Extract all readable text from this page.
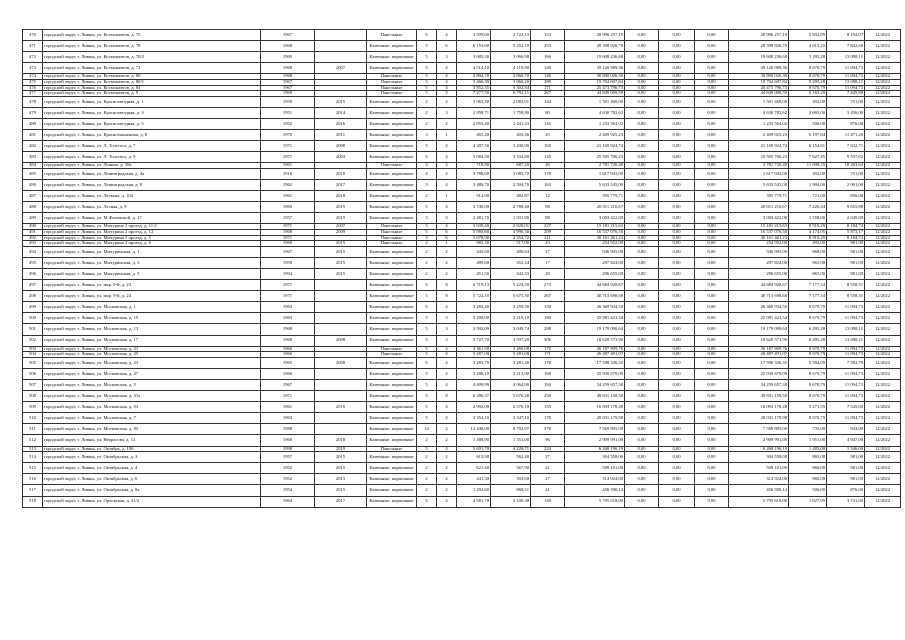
470	городской округ, г. Ливны, ул. Космонавтов, д. 75	1967		Панельные	5	4	3 599,60	2 722,13	153	20 996 257,19	0,00	0,00	0,00	20 996 257,19	5 832,89	8 194,07	12/2022
471	городской округ, г. Ливны, ул. Космонавтов, д. 78	1968		Каменные, кирпичные	5	6	6 153,60	5 452,10	253	28 398 926,70	0,00	0,00	0,00	28 398 926,70	4 615,25	7 842,60	12/2022
472	городской округ, г. Ливны, ул. Космонавтов, д. 70/2	1969		Каменные, кирпичные	5	3	3 685,30	3 066,98	166	19 608 236,68	0,00	0,00	0,00	19 608 236,68	5 295,28	13 098,11	12/2022
473	городской округ, г. Ливны, ул. Космонавтов, д. 72	1968	2007	Каменные, кирпичные	5	4	4 514,10	4 119,90	140	39 120 989,36	0,00	0,00	0,00	39 120 989,36	8 670,79	11 094,73	12/2022
474	городской округ, г. Ливны, ул. Космонавтов, д. 80	1968		Панельные	5	4	3 894,70	3 860,70	146	30 890 026,30	0,00	0,00	0,00	30 890 026,30	8 670,79	11 094,73	12/2022
475	городской округ, г. Ливны, ул. Космонавтов, д. 80/1	1967		Панельные	5	4	3 466,39	3 060,20	289	19 704 607,84	0,00	0,00	0,00	19 704 607,84	5 295,28	13 098,11	12/2022
476	городской округ, г. Ливны, ул. Космонавтов, д. 84	1967		Панельные	5	4	3 852,35	3 302,34	171	25 473 796,73	0,00	0,00	0,00	25 473 796,73	8 670,79	11 094,73	12/2022
477	городской округ, г. Ливны, ул. Космонавтов, д. 9	1969		Панельные	5	5	7 277,50	6 792,11	267	44 849 008,59	0,00	0,00	0,00	44 849 008,59	6 163,29	7 445,88	12/2022
478	городской округ, г. Ливны, ул. Краснозвездная, д. 1	1959	2015	Каменные, кирпичные	2	2	3 963,30	2 083,91	144	1 501 469,00	0,00	0,00	0,00	1 501 469,00	492,00	751,00	12/2022
479	городской округ, г. Ливны, ул. Краснозвездная, д. 3	1951	2014	Каменные, кирпичные	2	3	2 858,71	1 758,80	80	4 630 782,62	0,00	0,00	0,00	4 630 782,62	2 665,00	3 456,00	12/2022
480	городской округ, г. Ливны, ул. Краснозвездная, д. 5	1952	2016	Каменные, кирпичные	2	2	2 855,40	2 441,43	116	1 233 564,02	0,00	0,00	0,00	1 233 564,02	506,00	876,00	12/2022
481	городской округ, г. Ливны, ул. Краснознаменная, д. 8	1970	2011	Каменные, кирпичные	3	1	465,40	403,36	25	2 409 925,23	0,00	0,00	0,00	2 409 925,23	6 197,84	11 471,20	12/2022
482	городской округ, г. Ливны, ул. Л. Толстого, д. 7	1971	2008	Каменные, кирпичные	5	4	4 387,50	3 430,90	165	21 169 924,74	0,00	0,00	0,00	21 169 924,74	6 154,61	7 632,71	12/2022
483	городской округ, г. Ливны, ул. Л. Толстого, д. 9	1971	2003	Каменные, кирпичные	5	4	5 084,30	3 334,80	145	25 505 706,23	0,00	0,00	0,00	25 505 706,23	7 627,45	9 537,62	12/2022
484	городской округ, г. Ливны, ул. Ленина, д. 38а	1961		Панельные	2	2	718,80	687,20	26	2 781 720,40	0,00	0,00	0,00	2 781 720,40	11 698,25	18 263,64	12/2022
485	городской округ, г. Ливны, ул. Ленинградская, д. 4а	1916	2018	Каменные, кирпичные	4	4	3 788,60	3 085,70	178	1 617 943,00	0,00	0,00	0,00	1 617 943,00	492,00	751,00	12/2022
486	городской округ, г. Ливны, ул. Ленинградская, д. 8	1962	2017	Каменные, кирпичные	3	4	3 486,70	2 504,70	163	5 633 545,00	0,00	0,00	0,00	5 633 545,00	1 904,00	2 061,00	12/2022
487	городской округ, г. Ливны, ул. Лескова, д. 104	1961	2018	Каменные, кирпичные	2	1	914,90	482,87	12	395 779,71	0,00	0,00	0,00	395 779,71	721,00	856,00	12/2022
488	городской округ, г. Ливны, ул. Лесная, д. 9	1969	2019	Каменные, кирпичные	5	4	3 740,00	2 788,40	98	20 011 216,67	0,00	0,00	0,00	20 011 216,67	7 226,44	9 655,88	12/2022
489	городской округ, г. Ливны, ул. М.Филевской, д. 17	1957	2019	Каменные, кирпичные	3	3	2 481,70	1 931,80	88	3 003 422,00	0,00	0,00	0,00	3 003 422,00	1 558,00	2 049,00	12/2022
490	городской округ, г. Ливны, ул. Мичурина 2 проезд, д. 11/2	1971	2007	Панельные	5	4	3 039,40	2 820,01	227	15 181 215,63	0,00	0,00	0,00	15 181 215,63	8 910,29	8 184,74	12/2022
491	городской округ, г. Ливны, ул. Мичурина 2 проезд, д. 12	1968	2009	Панельные	5	6	5 985,60	4 996,30	209	16 537 076,50	0,00	0,00	0,00	16 537 076,50	4 174,05	5 873,17	12/2022
492	городской округ, г. Ливны, ул. Мичурина 2 проезд, д. 5	1971		Панельные	5	6	5 678,90	4 354,72	211	30 161 461,23	0,00	0,00	0,00	30 161 461,23	8 910,29	8 184,74	12/2022
493	городской округ, г. Ливны, ул. Мичурина 2 проезд, д. 6	1969	2015	Панельные	2	1	983,30	517,00	23	254 952,00	0,00	0,00	0,00	254 952,00	493,00	981,00	12/2022
494	городской округ, г. Ливны, ул. Мичуринская, д. 1	1967	2015	Каменные, кирпичные	2	2	445,60	400,64	27	946 905,00	0,00	0,00	0,00	946 905,00	868,00	981,00	12/2022
495	городской округ, г. Ливны, ул. Мичуринская, д. 3	1959	2015	Каменные, кирпичные	2	2	489,60	352,34	17	297 824,00	0,00	0,00	0,00	297 824,00	865,00	981,00	12/2022
496	городской округ, г. Ливны, ул. Мичуринская, д. 5	1994	2015	Каменные, кирпичные	2	2	451,50	342,33	29	296 655,00	0,00	0,00	0,00	296 655,00	865,00	981,00	12/2022
497	городской округ, г. Ливны, ул. мкр. 9-й, д. 23	1971		Каменные, кирпичные	5	8	6 719,13	5 223,50	273	44 684 928,67	0,00	0,00	0,00	44 684 928,67	7 177,34	8 558,31	12/2022
498	городской округ, г. Ливны, ул. мкр. 9-й, д. 24	1971		Каменные, кирпичные	5	8	5 722,10	5 675,30	267	40 713 698,68	0,00	0,00	0,00	40 713 698,68	7 177,34	8 558,31	12/2022
499	городской округ, г. Ливны, ул. Московская, д. 1	1963		Каменные, кирпичные	5	4	3 284,40	3 259,50	150	26 369 934,50	0,00	0,00	0,00	26 369 934,50	8 670,79	11 094,73	12/2022
500	городской округ, г. Ливны, ул. Московская, д. 15	1963		Каменные, кирпичные	5	3	3 290,00	3 219,10	180	25 981 421,34	0,00	0,00	0,00	25 981 421,34	8 670,79	11 094,73	12/2022
501	городской округ, г. Ливны, ул. Московская, д. 13	1968		Каменные, кирпичные	5	3	3 592,09	3 049,74	288	19 179 090,64	0,00	0,00	0,00	19 179 090,64	6 295,28	13 098,11	12/2022
502	городской округ, г. Ливны, ул. Московская, д. 17	1968	2008	Каменные, кирпичные	5	3	3 727,70	3 597,20	306	18 620 573,90	0,00	0,00	0,00	18 620 573,90	6 295,28	13 098,11	12/2022
503	городской округ, г. Ливны, ул. Московская, д. 21	1966		Панельные	5	4	3 361,50	3 260,00	170	26 187 809,76	0,00	0,00	0,00	26 187 809,76	8 670,79	11 094,73	12/2022
504	городской округ, г. Ливны, ул. Московская, д. 25	1966		Панельные	5	4	3 287,00	3 281,00	171	26 487 491,07	0,00	0,00	0,00	26 487 491,07	8 670,79	11 094,73	12/2022
505	городской округ, г. Ливны, ул. Московская, д. 23	1965	2008	Каменные, кирпичные	5	4	3 283,70	3 281,40	178	17 598 336,35	0,00	0,00	0,00	17 598 336,35	5 594,09	7 982,70	12/2022
506	городской округ, г. Ливны, ул. Московская, д. 27	1966		Каменные, кирпичные	5	4	3 286,10	3 213,90	168	25 930 679,09	0,00	0,00	0,00	25 930 679,09	8 670,79	11 094,73	12/2022
507	городской округ, г. Ливны, ул. Московская, д. 5	1967		Каменные, кирпичные	5	4	4 409,99	4 064,90	194	34 259 657,30	0,00	0,00	0,00	34 259 657,30	8 670,79	11 094,73	12/2022
508	городской округ, г. Ливны, ул. Московская, д. 51а	1971		Каменные, кирпичные	5	8	6 286,37	5 676,28	250	49 831 158,50	0,00	0,00	0,00	49 831 158,50	8 670,79	11 094,73	12/2022
509	городской округ, г. Ливны, ул. Московская, д. 53	1961	2018	Каменные, кирпичные	5	4	2 992,00	2 576,10	155	16 093 178,48	0,00	0,00	0,00	16 093 178,48	5 271,55	7 545,00	12/2022
510	городской округ, г. Ливны, ул. Московская, д. 7	1963		Каменные, кирпичные	5	4	3 354,10	3 347,10	178	28 031 179,98	0,00	0,00	0,00	28 031 179,98	8 670,79	11 094,73	12/2022
511	городской округ, г. Ливны, ул. Московская, д. 85	1988		Каменные, кирпичные	14	2	12 448,00	9 792,97	378	7 569 805,00	0,00	0,00	0,00	7 569 805,00	735,00	943,00	12/2022
512	городской округ, г. Ливны, ул. Некрасова, д. 12	1960	2018	Каменные, кирпичные	2	2	1 488,90	1 351,00	96	2 909 991,00	0,00	0,00	0,00	2 909 991,00	1 951,00	4 947,00	12/2022
513	городской округ, г. Ливны, ул. Октябрь, д. 196	1998	2019	Панельные	5	4	5 691,70	4 220,71	224	6 268 196,19	0,00	0,00	0,00	6 268 196,19	1 485,00	1 546,00	12/2022
514	городской округ, г. Ливны, ул. Октябрьская, д. 3	1957	2015	Каменные, кирпичные	2	2	615,90	562,40	27	304 558,00	0,00	0,00	0,00	304 558,00	865,00	981,00	12/2022
515	городской округ, г. Ливны, ул. Октябрьская, д. 4	1952	2015	Каменные, кирпичные	2	2	621,40	567,90	21	509 101,00	0,00	0,00	0,00	509 101,00	866,00	981,00	12/2022
516	городской округ, г. Ливны, ул. Октябрьская, д. 6	1952	2013	Каменные, кирпичные	2	2	441,30	394,60	27	314 924,00	0,00	0,00	0,00	314 924,00	866,00	981,00	12/2022
517	городской округ, г. Ливны, ул. Октябрьская, д. 8а	1954	2015	Каменные, кирпичные	2	2	1 292,60	869,51	41	456 390,14	0,00	0,00	0,00	456 390,14	506,00	876,00	12/2022
518	городской округ, г. Ливны, ул. Орловская, д. 21/2	1964	2017	Каменные, кирпичные	5	4	4 581,70	3 100,38	149	5 795 618,00	0,00	0,00	0,00	5 795 618,00	1 827,95	3 741,00	12/2022
